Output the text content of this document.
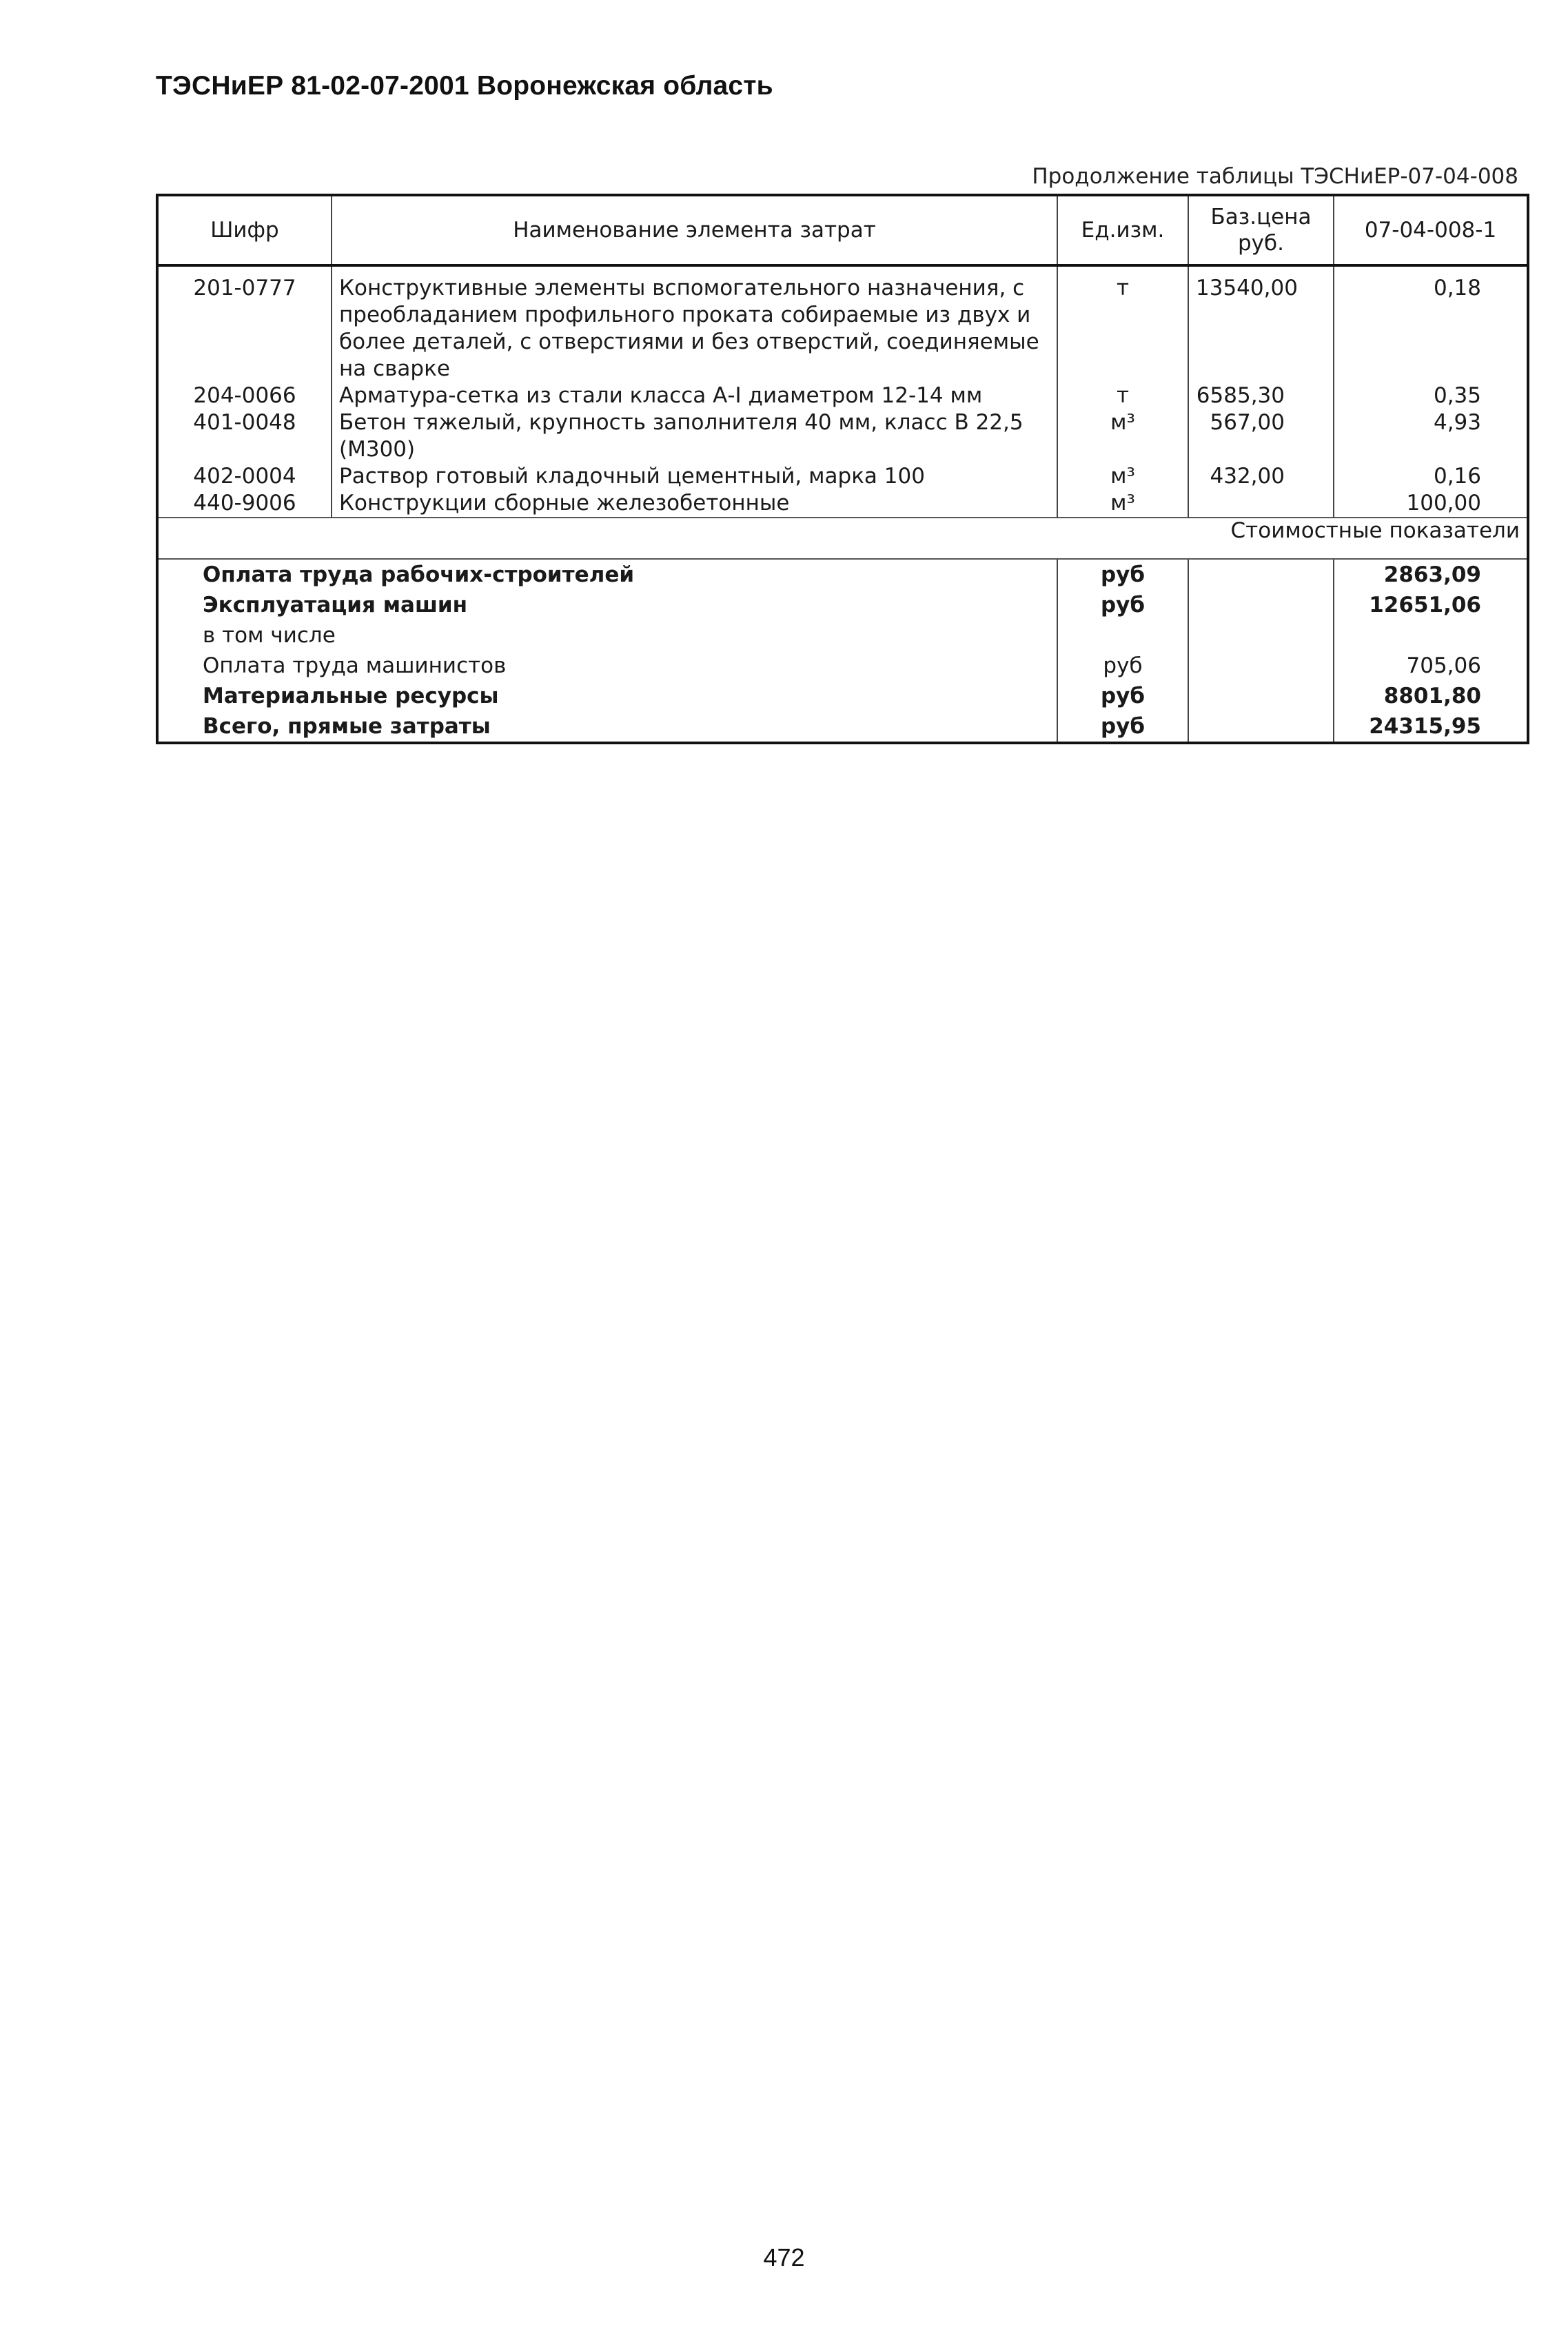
ТЭСНиЕР 81-02-07-2001 Воронежская область
Продолжение таблицы ТЭСНиЕР-07-04-008
Шифр	Наименование элемента затрат	Ед.изм.	Баз.цена руб.	07-04-008-1
201-0777	Конструктивные элементы вспомогательного назначения, с преобладанием профильного проката собираемые из двух и более деталей, с отверстиями и без отверстий, соединяемые на сварке	т	13540,00	0,18
204-0066	Арматура-сетка из стали класса А-I диаметром 12-14 мм	т	6585,30	0,35
401-0048	Бетон тяжелый, крупность заполнителя 40 мм, класс В 22,5 (М300)	м³	567,00	4,93
402-0004	Раствор готовый кладочный цементный, марка 100	м³	432,00	0,16
440-9006	Конструкции сборные железобетонные	м³		100,00
Стоимостные показатели				
Оплата труда рабочих-строителей		руб		2863,09
Эксплуатация машин		руб		12651,06
в том числе				
Оплата труда машинистов		руб		705,06
Материальные ресурсы		руб		8801,80
Всего, прямые затраты		руб		24315,95
472
